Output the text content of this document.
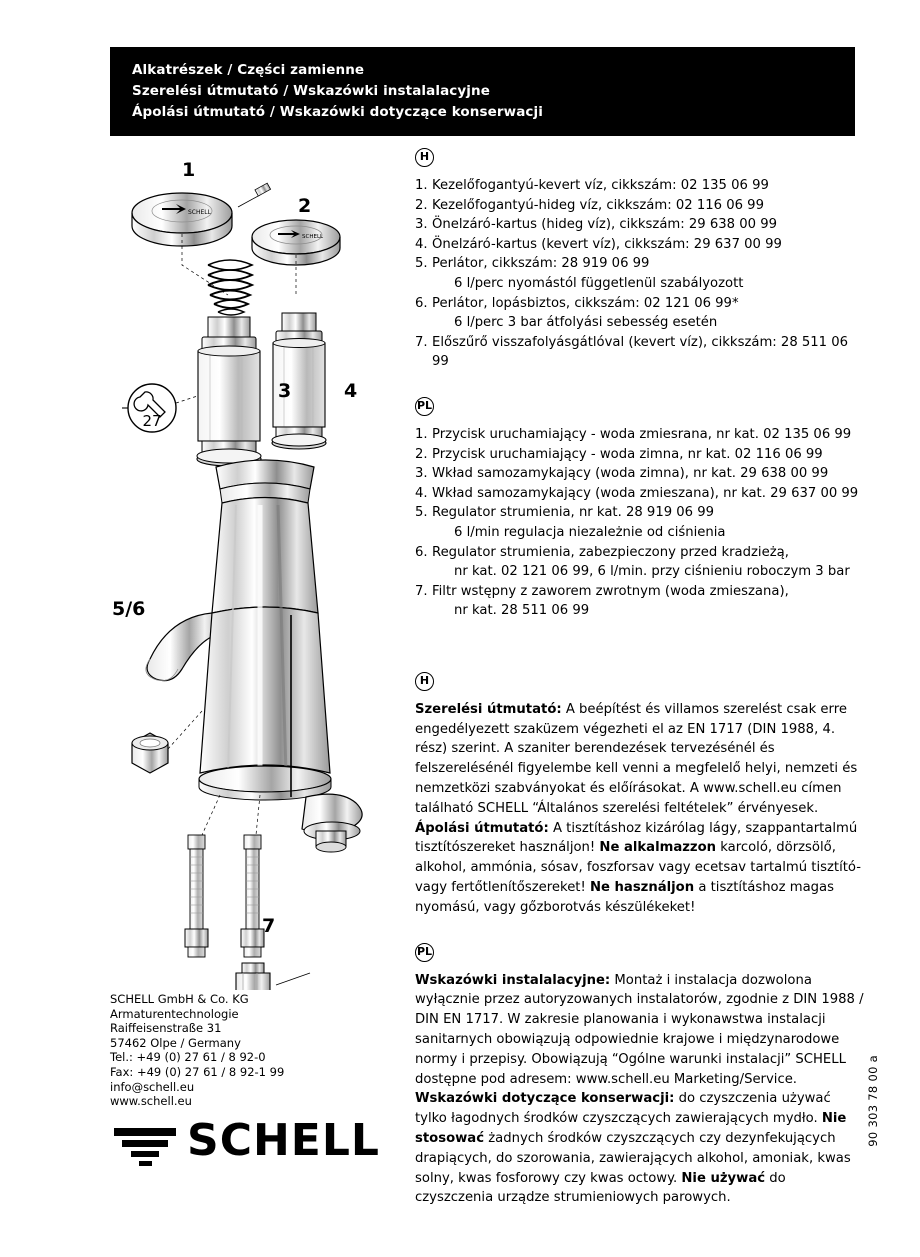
Alkatrészek / Części zamienne
Szerelési útmutató / Wskazówki instalalacyjne
Ápolási útmutató / Wskazówki dotyczące konserwacji
SCHELL
SCHELL
27
1
2
3	4
5/6
7
SCHELL GmbH & Co. KG
Armaturentechnologie
Raiffeisenstraße 31
57462 Olpe / Germany
Tel.: +49 (0) 27 61 / 8 92-0
Fax: +49 (0) 27 61 / 8 92-1 99
info@schell.eu
www.schell.eu
SCHELL
H
1. Kezelőfogantyú-kevert víz, cikkszám: 02 135 06 99
2. Kezelőfogantyú-hideg víz, cikkszám: 02 116 06 99
3. Önelzáró-kartus (hideg víz), cikkszám: 29 638 00 99
4. Önelzáró-kartus (kevert víz), cikkszám: 29 637 00 99
5. Perlátor, cikkszám: 28 919 06 99
6 l/perc nyomástól függetlenül szabályozott
6. Perlátor, lopásbiztos, cikkszám: 02 121 06 99*
6 l/perc 3 bar átfolyási sebesség esetén
7. Előszűrő visszafolyásgátlóval (kevert víz), cikkszám: 28 511 06 99
PL
1. Przycisk uruchamiający - woda zmiesrana, nr kat. 02 135 06 99
2. Przycisk uruchamiający - woda zimna, nr kat. 02 116 06 99
3. Wkład samozamykający (woda zimna), nr kat. 29 638 00 99
4. Wkład samozamykający (woda zmieszana), nr kat. 29 637 00 99
5. Regulator strumienia, nr kat. 28 919 06 99
6 l/min regulacja niezależnie od ciśnienia
6. Regulator strumienia, zabezpieczony przed kradzieżą,
nr kat. 02 121 06 99, 6 l/min. przy ciśnieniu roboczym 3 bar
7. Filtr wstępny z zaworem zwrotnym (woda zmieszana),
nr kat. 28 511 06 99
H

Szerelési útmutató: A beépítést és villamos szerelést csak erre engedélyezett szaküzem végezheti el az EN 1717 (DIN 1988, 4. rész) szerint. A szaniter berendezések tervezésénél és felszerelésénél figyelembe kell venni a megfelelő helyi, nemzeti és nemzetközi szabványokat és előírásokat. A www.schell.eu címen található SCHELL “Általános szerelési feltételek” érvényesek.

Ápolási útmutató: A tisztításhoz kizárólag lágy, szappantartalmú tisztítószereket használjon! Ne alkalmazzon karcoló, dörzsölő, alkohol, ammónia, sósav, foszforsav vagy ecetsav tartalmú tisztító- vagy fertőtlenítőszereket! Ne használjon a tisztításhoz magas nyomású, vagy gőzborotvás készülékeket!

PL

Wskazówki instalalacyjne: Montaż i instalacja dozwolona wyłącznie przez autoryzowanych instalatorów, zgodnie z DIN 1988 / DIN EN 1717. W zakresie planowania i wykonawstwa instalacji sanitarnych obowiązują odpowiednie krajowe i międzynarodowe normy i przepisy. Obowiązują “Ogólne warunki instalacji” SCHELL dostępne pod adresem: www.schell.eu Marketing/Service.

Wskazówki dotyczące konserwacji: do czyszczenia używać tylko łagodnych środków czyszczących zawierających mydło. Nie stosować żadnych środków czyszczących czy dezynfekujących drapiących, do szorowania, zawierających alkohol, amoniak, kwas solny, kwas fosforowy czy kwas octowy. Nie używać do czyszczenia urządze strumieniowych parowych.

90 303 78 00 a
